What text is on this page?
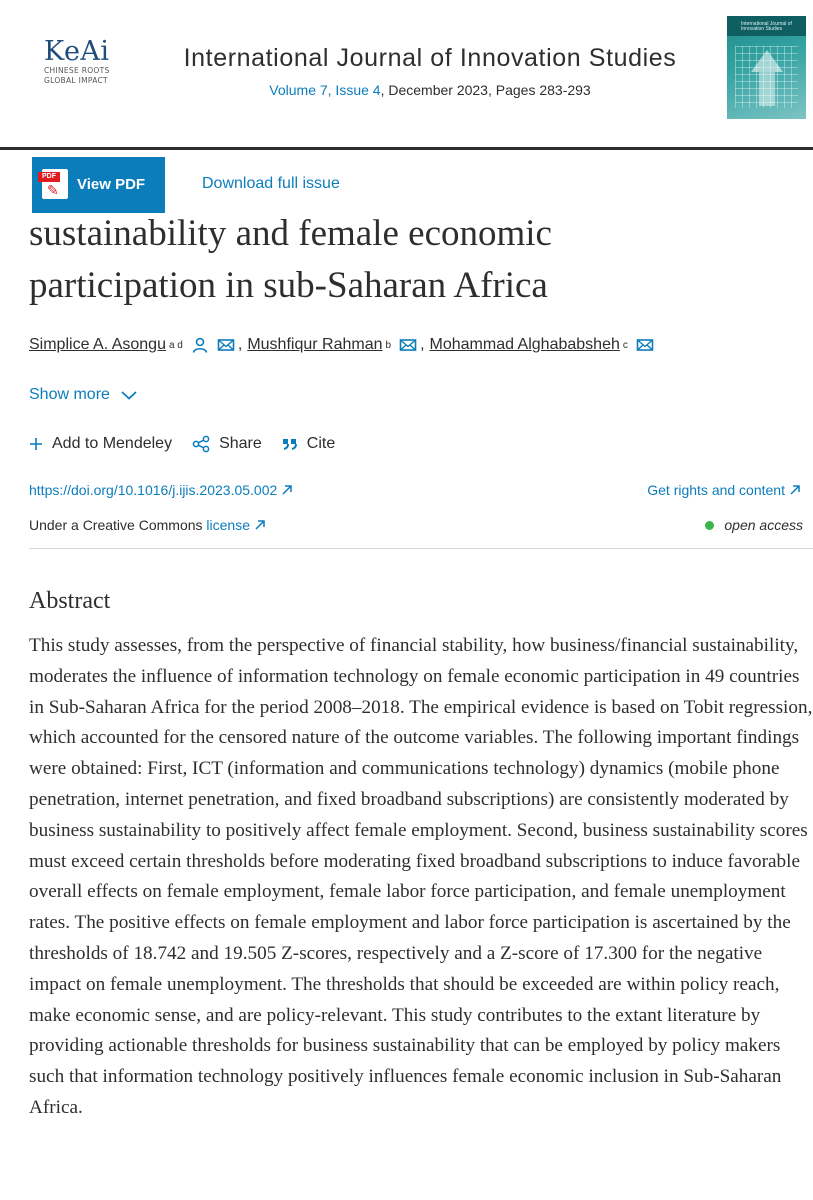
KeAi
CHINESE ROOTS
GLOBAL IMPACT
International Journal of Innovation Studies
Volume 7, Issue 4, December 2023, Pages 283-293
International Journal of Innovation Studies
PDF
✎ View PDF	Download full issue
sustainability and female economic
participation in sub-Saharan Africa
Simplice A. Asongu a d	, Mushfiqur Rahman b , Mohammad Alghababsheh c
Show more
Add to Mendeley	Share	Cite
https://doi.org/10.1016/j.ijis.2023.05.002	Get rights and content
Under a Creative Commons license	open access
Abstract

This study assesses, from the perspective of financial stability, how business/financial sustainability, moderates the influence of information technology on female economic participation in 49 countries in Sub-Saharan Africa for the period 2008–2018. The empirical evidence is based on Tobit regression, which accounted for the censored nature of the outcome variables. The following important findings were obtained: First, ICT (information and communications technology) dynamics (mobile phone penetration, internet penetration, and fixed broadband subscriptions) are consistently moderated by business sustainability to positively affect female employment. Second, business sustainability scores must exceed certain thresholds before moderating fixed broadband subscriptions to induce favorable overall effects on female employment, female labor force participation, and female unemployment rates. The positive effects on female employment and labor force participation is ascertained by the thresholds of 18.742 and 19.505 Z-scores, respectively and a Z-score of 17.300 for the negative impact on female unemployment. The thresholds that should be exceeded are within policy reach, make economic sense, and are policy-relevant. This study contributes to the extant literature by providing actionable thresholds for business sustainability that can be employed by policy makers such that information technology positively influences female economic inclusion in Sub-Saharan Africa.
